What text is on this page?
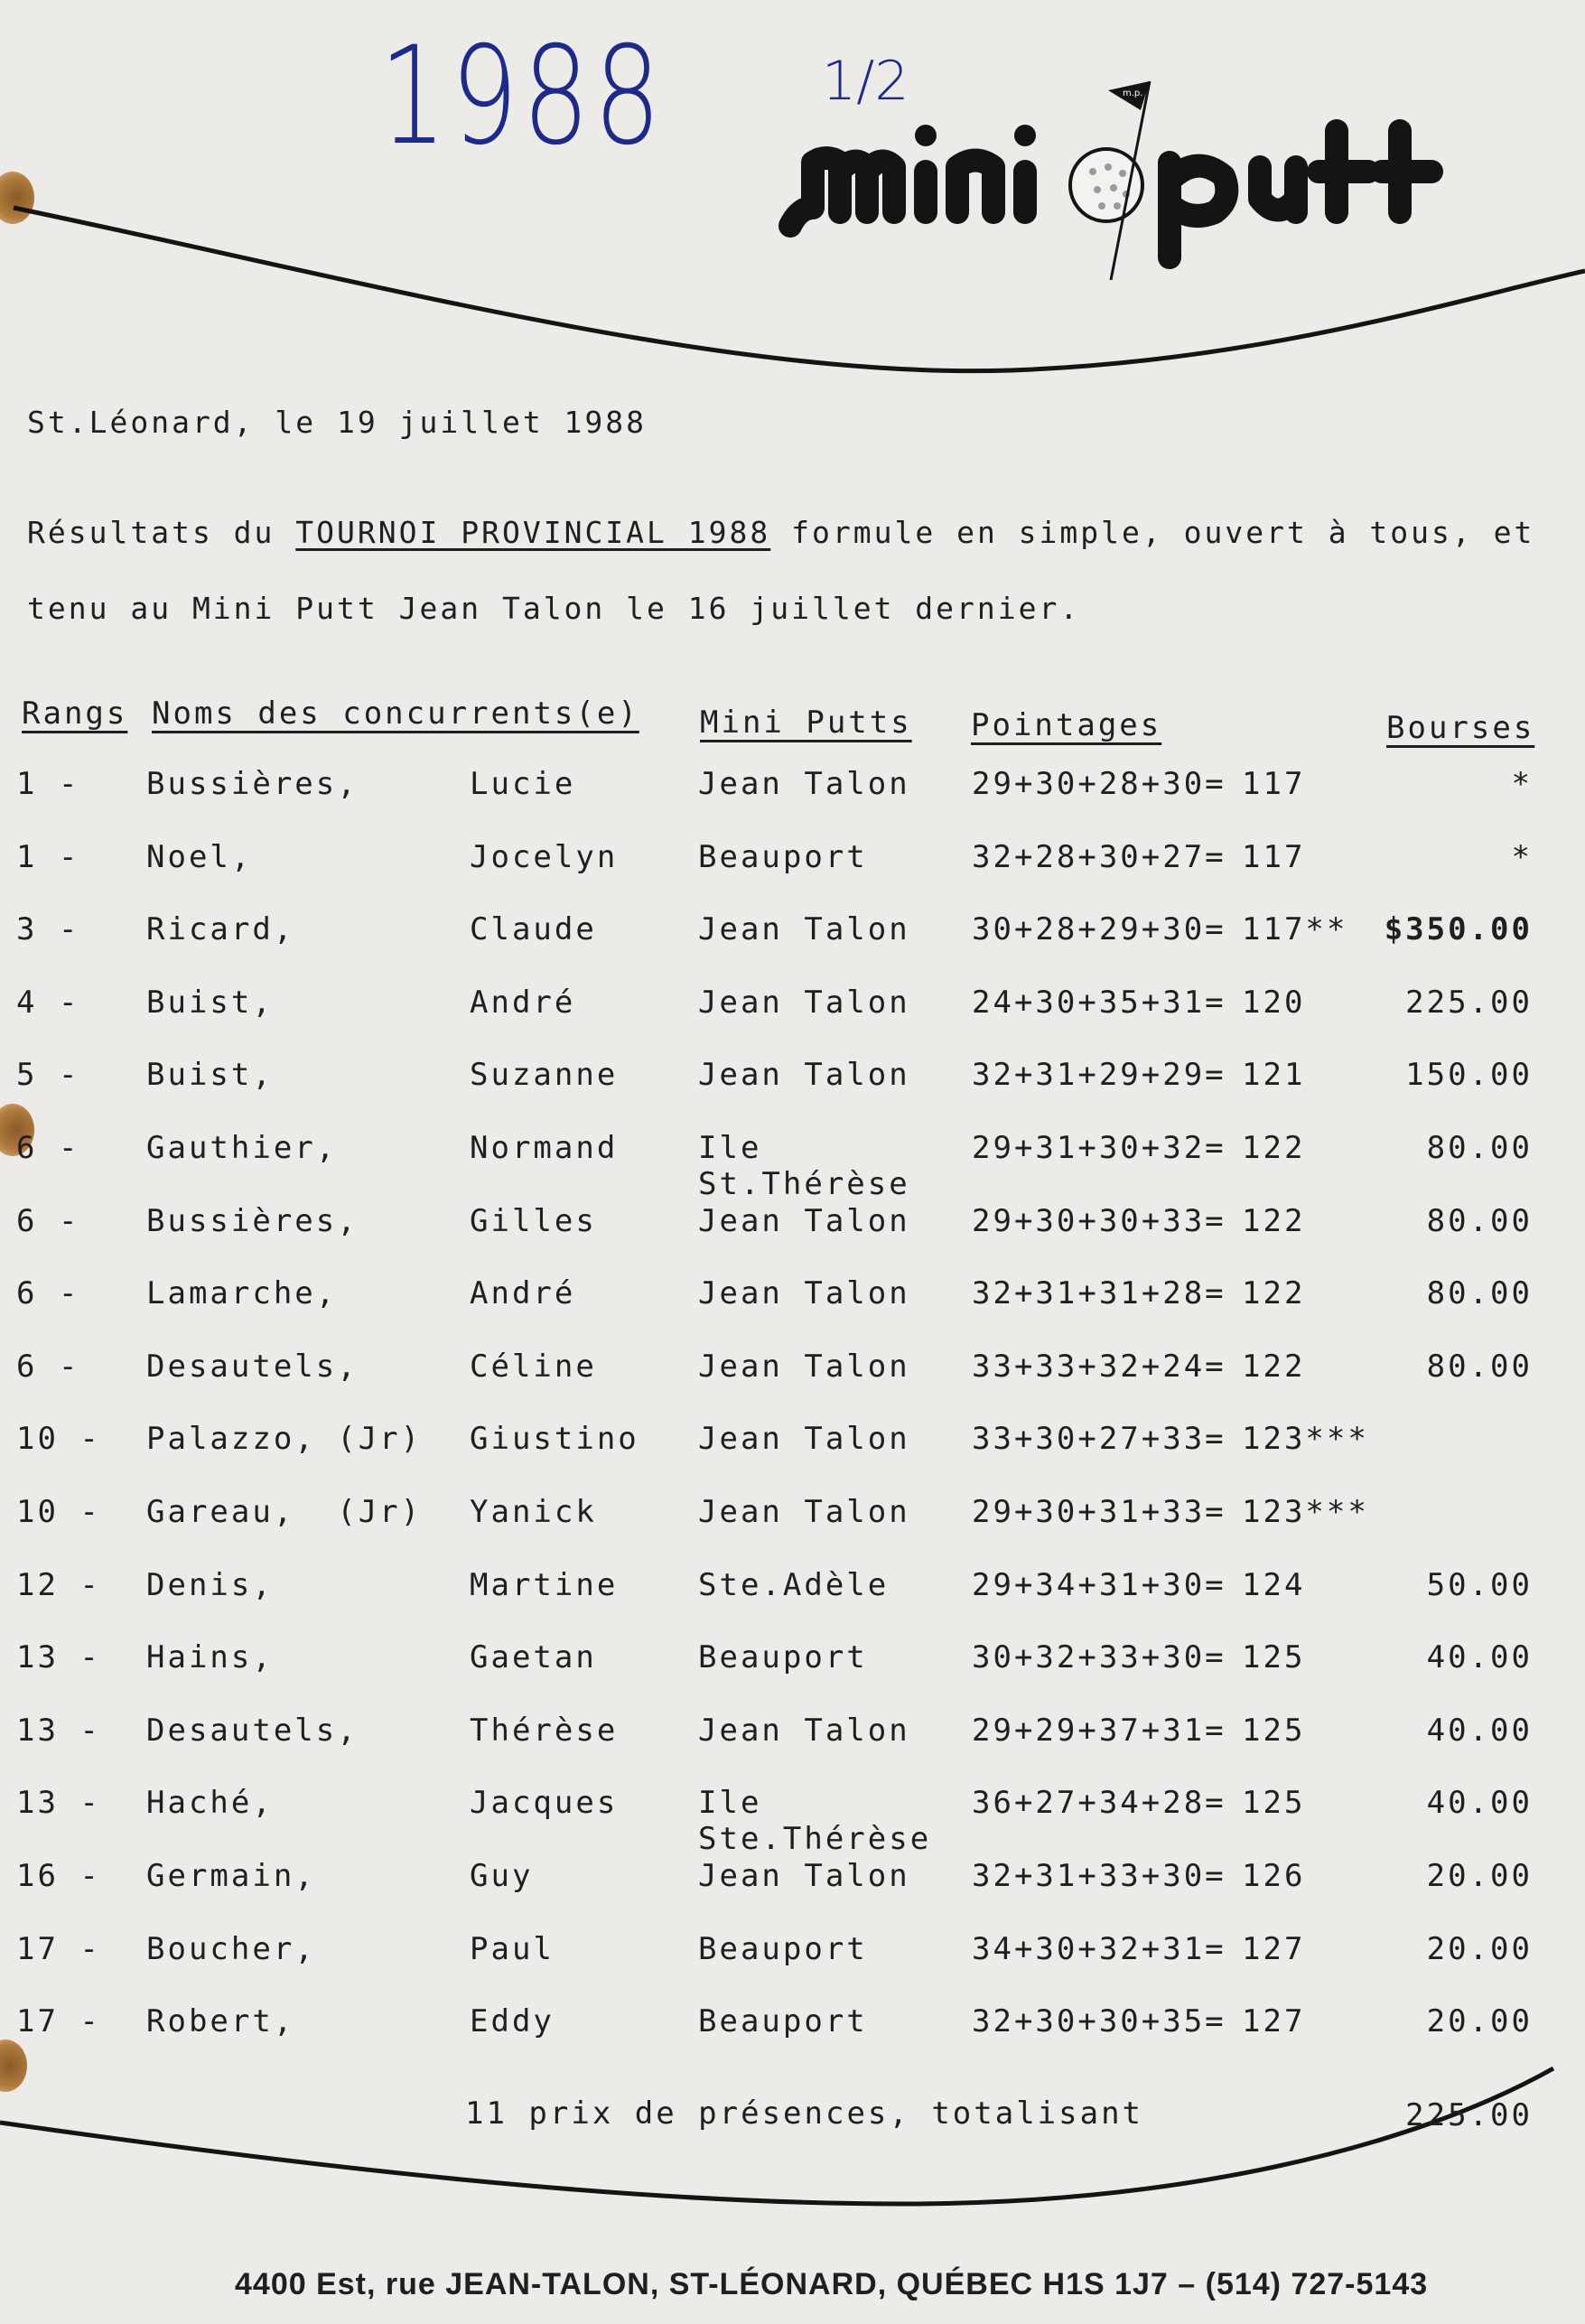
1988	1/2	m.p.
St.Léonard, le 19 juillet 1988
Résultats du TOURNOI PROVINCIAL 1988 formule en simple, ouvert à tous, et
tenu au Mini Putt Jean Talon le 16 juillet dernier.
Rangs Noms des concurrents(e) Mini Putts Pointages	Bourses
1 - Bussières,	Lucie	Jean Talon 29+30+28+30= 117	*
1 - Noel,	Jocelyn	Beauport	32+28+30+27= 117	*
3 - Ricard,	Claude	Jean Talon 30+28+29+30= 117** $350.00
4 - Buist,	André	Jean Talon 24+30+35+31= 120	225.00
5 - Buist,	Suzanne	Jean Talon 32+31+29+29= 121	150.00
6 - Gauthier,	Normand	Ile
St.Thérèse
29+31+30+32= 122	80.00
6 - Bussières,	Gilles	Jean Talon 29+30+30+33= 122	80.00
6 - Lamarche,	André	Jean Talon 32+31+31+28= 122	80.00
6 - Desautels,	Céline	Jean Talon 33+33+32+24= 122	80.00
10 - Palazzo, (Jr) Giustino Jean Talon 33+30+27+33= 123***
10 - Gareau,  (Jr) Yanick	Jean Talon 29+30+31+33= 123***
12 - Denis,	Martine	Ste.Adèle	29+34+31+30= 124	50.00
13 - Hains,	Gaetan	Beauport	30+32+33+30= 125	40.00
13 - Desautels,	Thérèse	Jean Talon 29+29+37+31= 125	40.00
13 - Haché,	Jacques	Ile
Ste.Thérèse
36+27+34+28= 125	40.00
16 - Germain,	Guy	Jean Talon 32+31+33+30= 126	20.00
17 - Boucher,	Paul	Beauport	34+30+32+31= 127	20.00
17 - Robert,	Eddy	Beauport	32+30+30+35= 127	20.00
11 prix de présences, totalisant	225.00
4400 Est, rue JEAN-TALON, ST-LÉONARD, QUÉBEC H1S 1J7 – (514) 727-5143
